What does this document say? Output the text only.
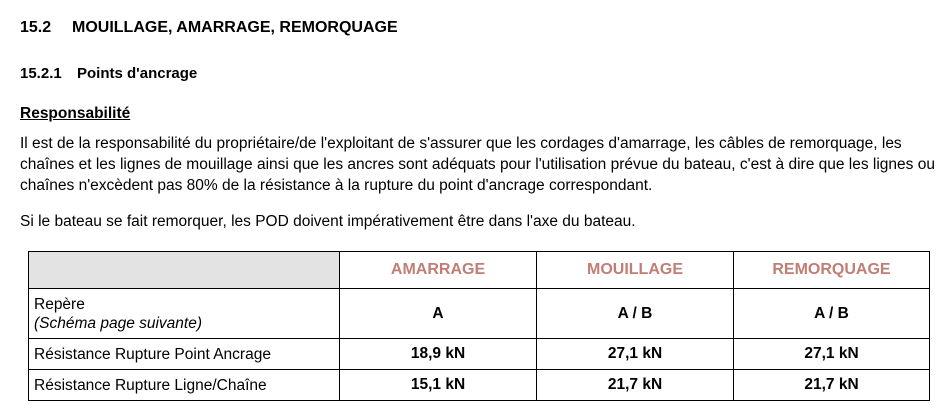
15.2 MOUILLAGE, AMARRAGE, REMORQUAGE
15.2.1 Points d'ancrage
Responsabilité

Il est de la responsabilité du propriétaire/de l'exploitant de s'assurer que les cordages d'amarrage, les câbles de remorquage, les chaînes et les lignes de mouillage ainsi que les ancres sont adéquats pour l'utilisation prévue du bateau, c'est à dire que les lignes ou chaînes n'excèdent pas 80% de la résistance à la rupture du point d'ancrage correspondant.

Si le bateau se fait remorquer, les POD doivent impérativement être dans l'axe du bateau.

	AMARRAGE	MOUILLAGE	REMORQUAGE
Repère
(Schéma page suivante)	A	A / B	A / B
Résistance Rupture Point Ancrage	18,9 kN	27,1 kN	27,1 kN
Résistance Rupture Ligne/Chaîne	15,1 kN	21,7 kN	21,7 kN
